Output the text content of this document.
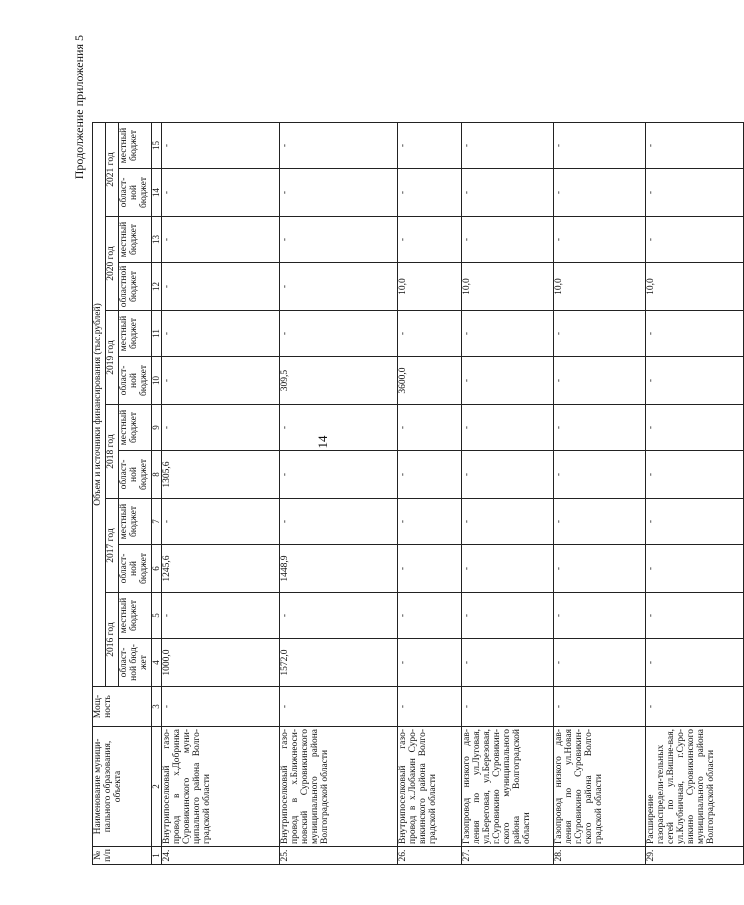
14
Продолжение приложения 5
№ п/п	Наименование муници-пального образования, объекта	Мощ-ность	Объем и источники финансирования (тыс.рублей)											
			2016 год		2017 год		2018 год		2019 год		2020 год		2021 год	
			област-ной бюд-жет	местный бюджет	област-ной бюджет	местный бюджет	област-ной бюджет	местный бюджет	област-ной бюджет	местный бюджет	областной бюджет	местный бюджет	област-ной бюджет	местный бюджет
1	2	3	4	5	6	7	8	9	10	11	12	13	14	15
24.	Внутрипоселковый газо-провод в х.Добринка Суровикинского муни-ципального района Волго-градской области	-	1000,0	-	1245,6	-	1305,6	-	-	-	-	-	-	-
25.	Внутрипоселковый газо-провод в х.Ближнеоси-новский Суровикинского муниципального района Волгоградской области	-	1572,0	-	1448,9	-	-	-	309,5	-	-	-	-	-
26.	Внутрипоселковый газо-провод в х.Лобакин Суро-викинского района Волго-градской области	-	-	-	-	-	-	-	3600,0	-	10,0	-	-	-
27.	Газопровод низкого дав-ления по ул.Луговая, ул.Береговая, ул.Березовая, г.Суровикино Суровикин-ского муниципального района Волгоградской области	-	-	-	-	-	-	-	-	-	10,0	-	-	-
28.	Газопровод низкого дав-ления по ул.Новая г.Суровикино Суровикин-ского района Волго-градской области	-	-	-	-	-	-	-	-	-	10,0	-	-	-
29.	Расширение газораспредели-тельных сетей по ул.Вишне-вая, ул.Клубничная, г.Суро-викино Суровикинского муниципального района Волгоградской области	-	-	-	-	-	-	-	-	-	10,0	-	-	-
